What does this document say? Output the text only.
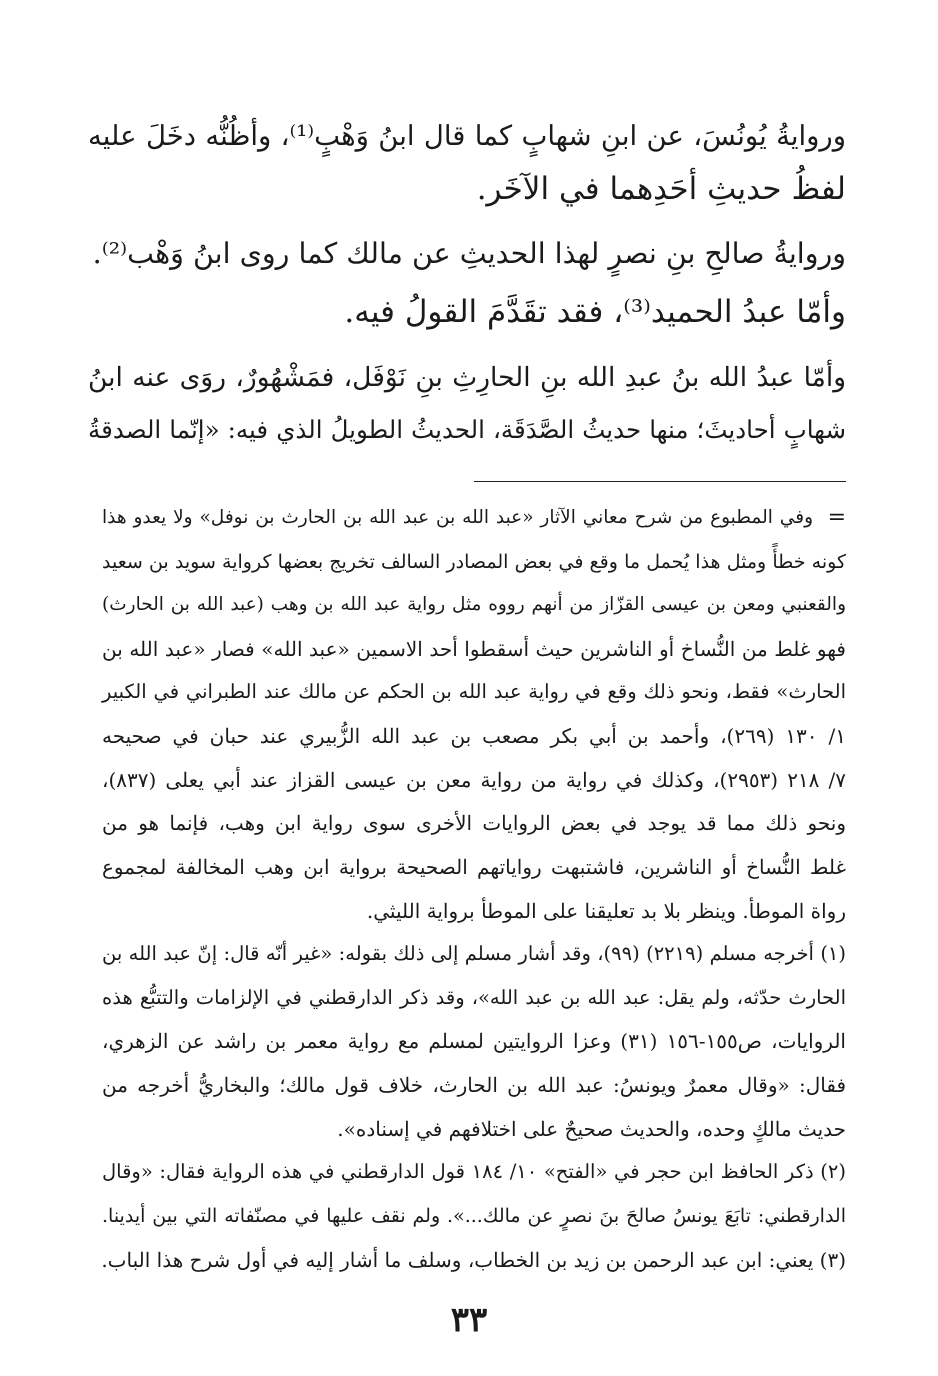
وروايةُ يُونُسَ، عن ابنِ شهابٍ كما قال ابنُ وَهْبٍ⁽¹⁾، وأظُنُّه دخَلَ عليه
لفظُ حديثِ أحَدِهما في الآخَر.
وروايةُ صالحِ بنِ نصرٍ لهذا الحديثِ عن مالك كما روى ابنُ وَهْب⁽²⁾.
وأمّا عبدُ الحميد⁽³⁾، فقد تقَدَّمَ القولُ فيه.
وأمّا عبدُ الله بنُ عبدِ الله بنِ الحارِثِ بنِ نَوْفَل، فمَشْهُورٌ، روَى عنه ابنُ
شهابٍ أحاديثَ؛ منها حديثُ الصَّدَقَة، الحديثُ الطويلُ الذي فيه: «إنّما الصدقةُ
=
وفي المطبوع من شرح معاني الآثار «عبد الله بن عبد الله بن الحارث بن نوفل» ولا يعدو هذا
كونه خطأً ومثل هذا يُحمل ما وقع في بعض المصادر السالف تخريج بعضها كرواية سويد بن سعيد
والقعنبي ومعن بن عيسى القزّاز من أنهم رووه مثل رواية عبد الله بن وهب (عبد الله بن الحارث)
فهو غلط من النُّساخ أو الناشرين حيث أسقطوا أحد الاسمين «عبد الله» فصار «عبد الله بن
الحارث» فقط، ونحو ذلك وقع في رواية عبد الله بن الحكم عن مالك عند الطبراني في الكبير
١/ ١٣٠ (٢٦٩)، وأحمد بن أبي بكر مصعب بن عبد الله الزُّبيري عند حبان في صحيحه
٧/ ٢١٨ (٢٩٥٣)، وكذلك في رواية من رواية معن بن عيسى القزاز عند أبي يعلى (٨٣٧)،
ونحو ذلك مما قد يوجد في بعض الروايات الأخرى سوى رواية ابن وهب، فإنما هو من
غلط النُّساخ أو الناشرين، فاشتبهت رواياتهم الصحيحة برواية ابن وهب المخالفة لمجموع
رواة الموطأ. وينظر بلا بد تعليقنا على الموطأ برواية الليثي.
(١) أخرجه مسلم (٢٢١٩) (٩٩)، وقد أشار مسلم إلى ذلك بقوله: «غير أنّه قال: إنّ عبد الله بن
الحارث حدّثه، ولم يقل: عبد الله بن عبد الله»، وقد ذكر الدارقطني في الإلزامات والتتبُّع هذه
الروايات، ص١٥٥-١٥٦ (٣١) وعزا الروايتين لمسلم مع رواية معمر بن راشد عن الزهري،
فقال: «وقال معمرٌ ويونسُ: عبد الله بن الحارث، خلاف قول مالك؛ والبخاريُّ أخرجه من
حديث مالكٍ وحده، والحديث صحيحٌ على اختلافهم في إسناده».
(٢) ذكر الحافظ ابن حجر في «الفتح» ١٠/ ١٨٤ قول الدارقطني في هذه الرواية فقال: «وقال
الدارقطني: تابَعَ يونسُ صالحَ بنَ نصرٍ عن مالك...». ولم نقف عليها في مصنّفاته التي بين أيدينا.
(٣) يعني: ابن عبد الرحمن بن زيد بن الخطاب، وسلف ما أشار إليه في أول شرح هذا الباب.
٣٣
